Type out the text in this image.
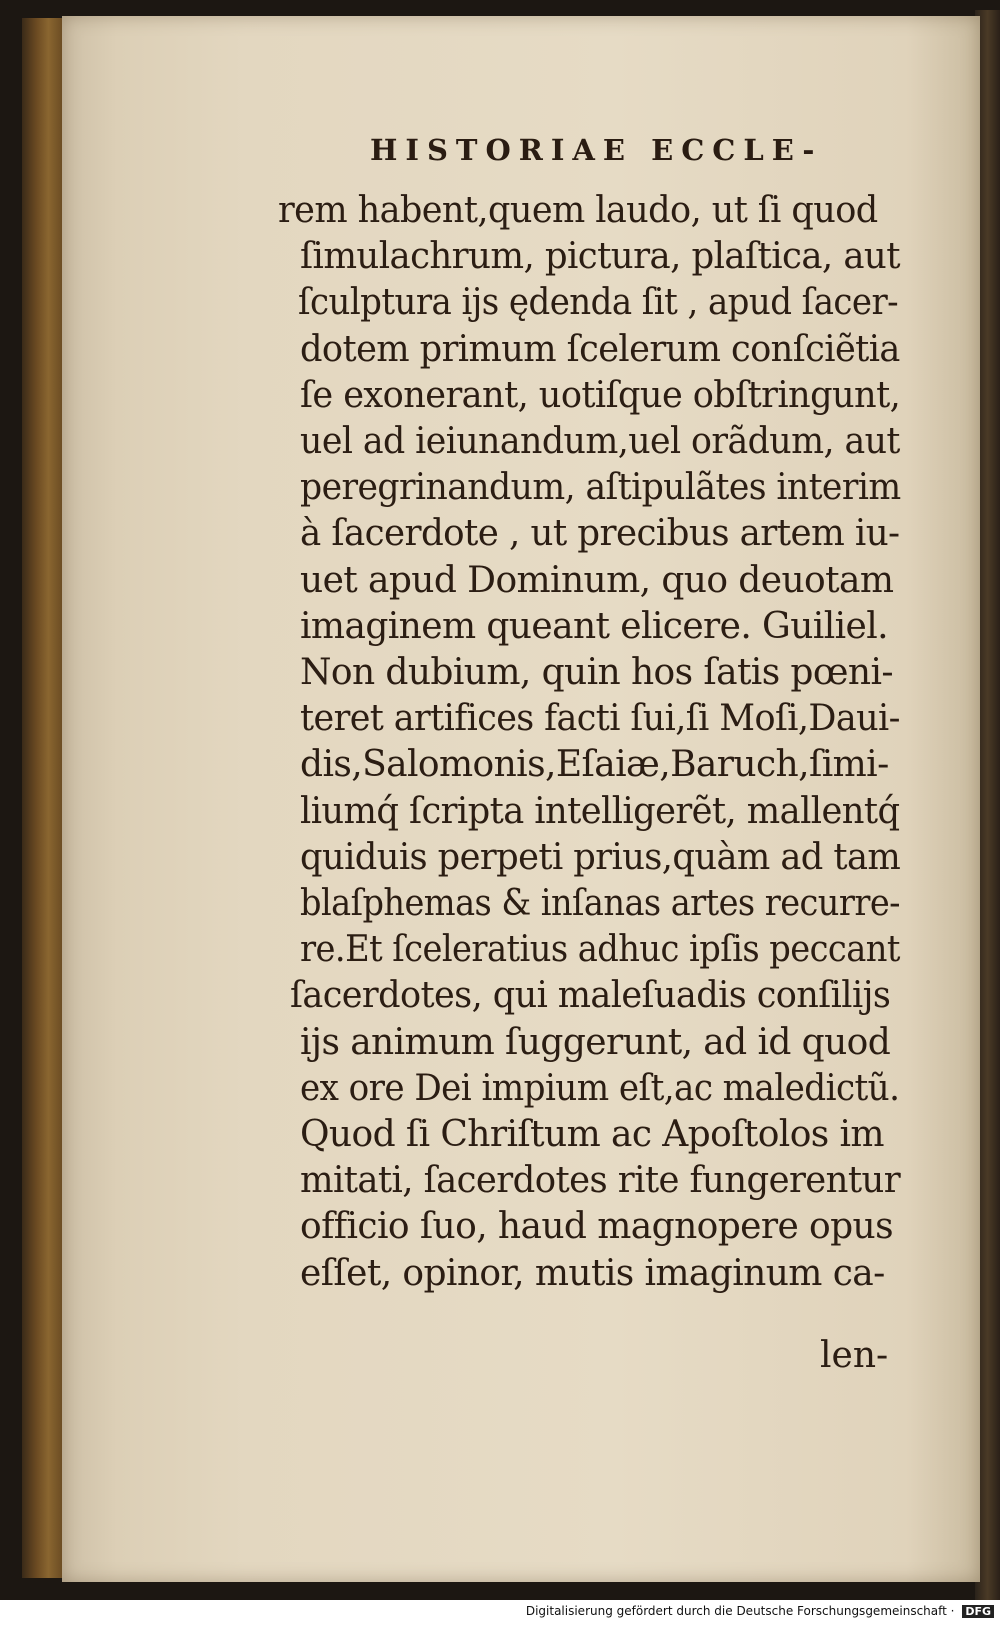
HISTORIAE ECCLE-
rem habent,quem laudo, ut ſi quod
ſimulachrum, pictura, plaſtica, aut
ſculptura ijs ędenda ſit , apud ſacer-
dotem primum ſcelerum conſciẽtia
ſe exonerant, uotiſque obſtringunt,
uel ad ieiunandum,uel orãdum, aut
peregrinandum, aſtipulãtes interim
à ſacerdote , ut precibus artem iu-
uet apud Dominum, quo deuotam
imaginem queant elicere. Guiliel.
Non dubium, quin hos ſatis pœni-
teret artifices facti ſui,ſi Moſi,Daui-
dis,Salomonis,Eſaiæ,Baruch,ſimi-
liumq́ ſcripta intelligerẽt, mallentq́
quiduis perpeti prius,quàm ad tam
blaſphemas & inſanas artes recurre-
re.Et ſceleratius adhuc ipſis peccant
ſacerdotes, qui maleſuadis conſilijs
ijs animum ſuggerunt, ad id quod
ex ore Dei impium eſt,ac maledictũ.
Quod ſi Chriſtum ac Apoſtolos im
mitati, ſacerdotes rite fungerentur
officio ſuo, haud magnopere opus
eſſet, opinor, mutis imaginum ca-
len-
Digitalisierung gefördert durch die Deutsche Forschungsgemeinschaft · DFG
